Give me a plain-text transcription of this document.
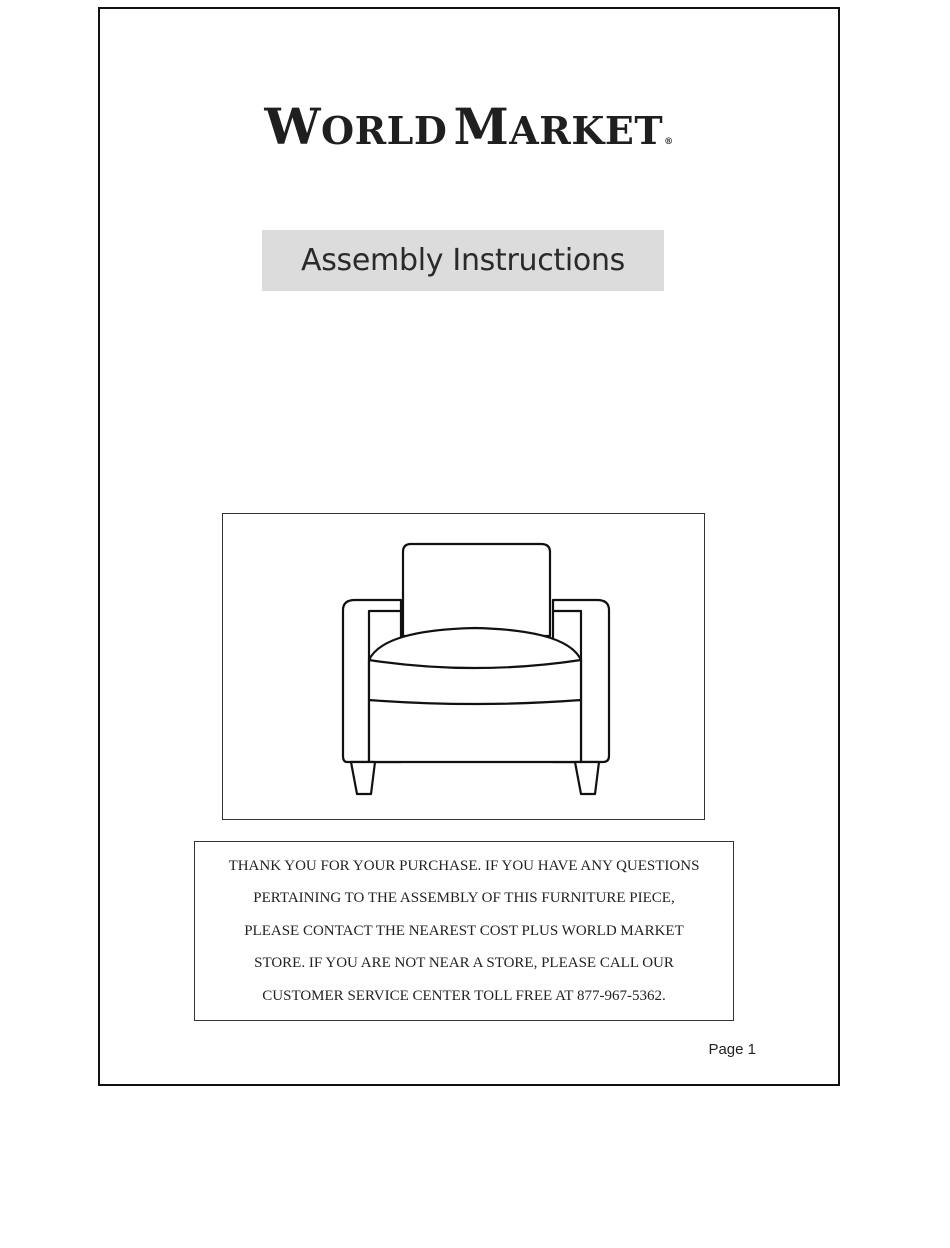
WORLD MARKET®
Assembly Instructions
THANK YOU FOR YOUR PURCHASE. IF YOU HAVE ANY QUESTIONS
PERTAINING TO THE ASSEMBLY OF THIS FURNITURE PIECE,
PLEASE CONTACT THE NEAREST COST PLUS WORLD MARKET
STORE. IF YOU ARE NOT NEAR A STORE, PLEASE CALL OUR
CUSTOMER SERVICE CENTER TOLL FREE AT 877-967-5362.
Page 1
